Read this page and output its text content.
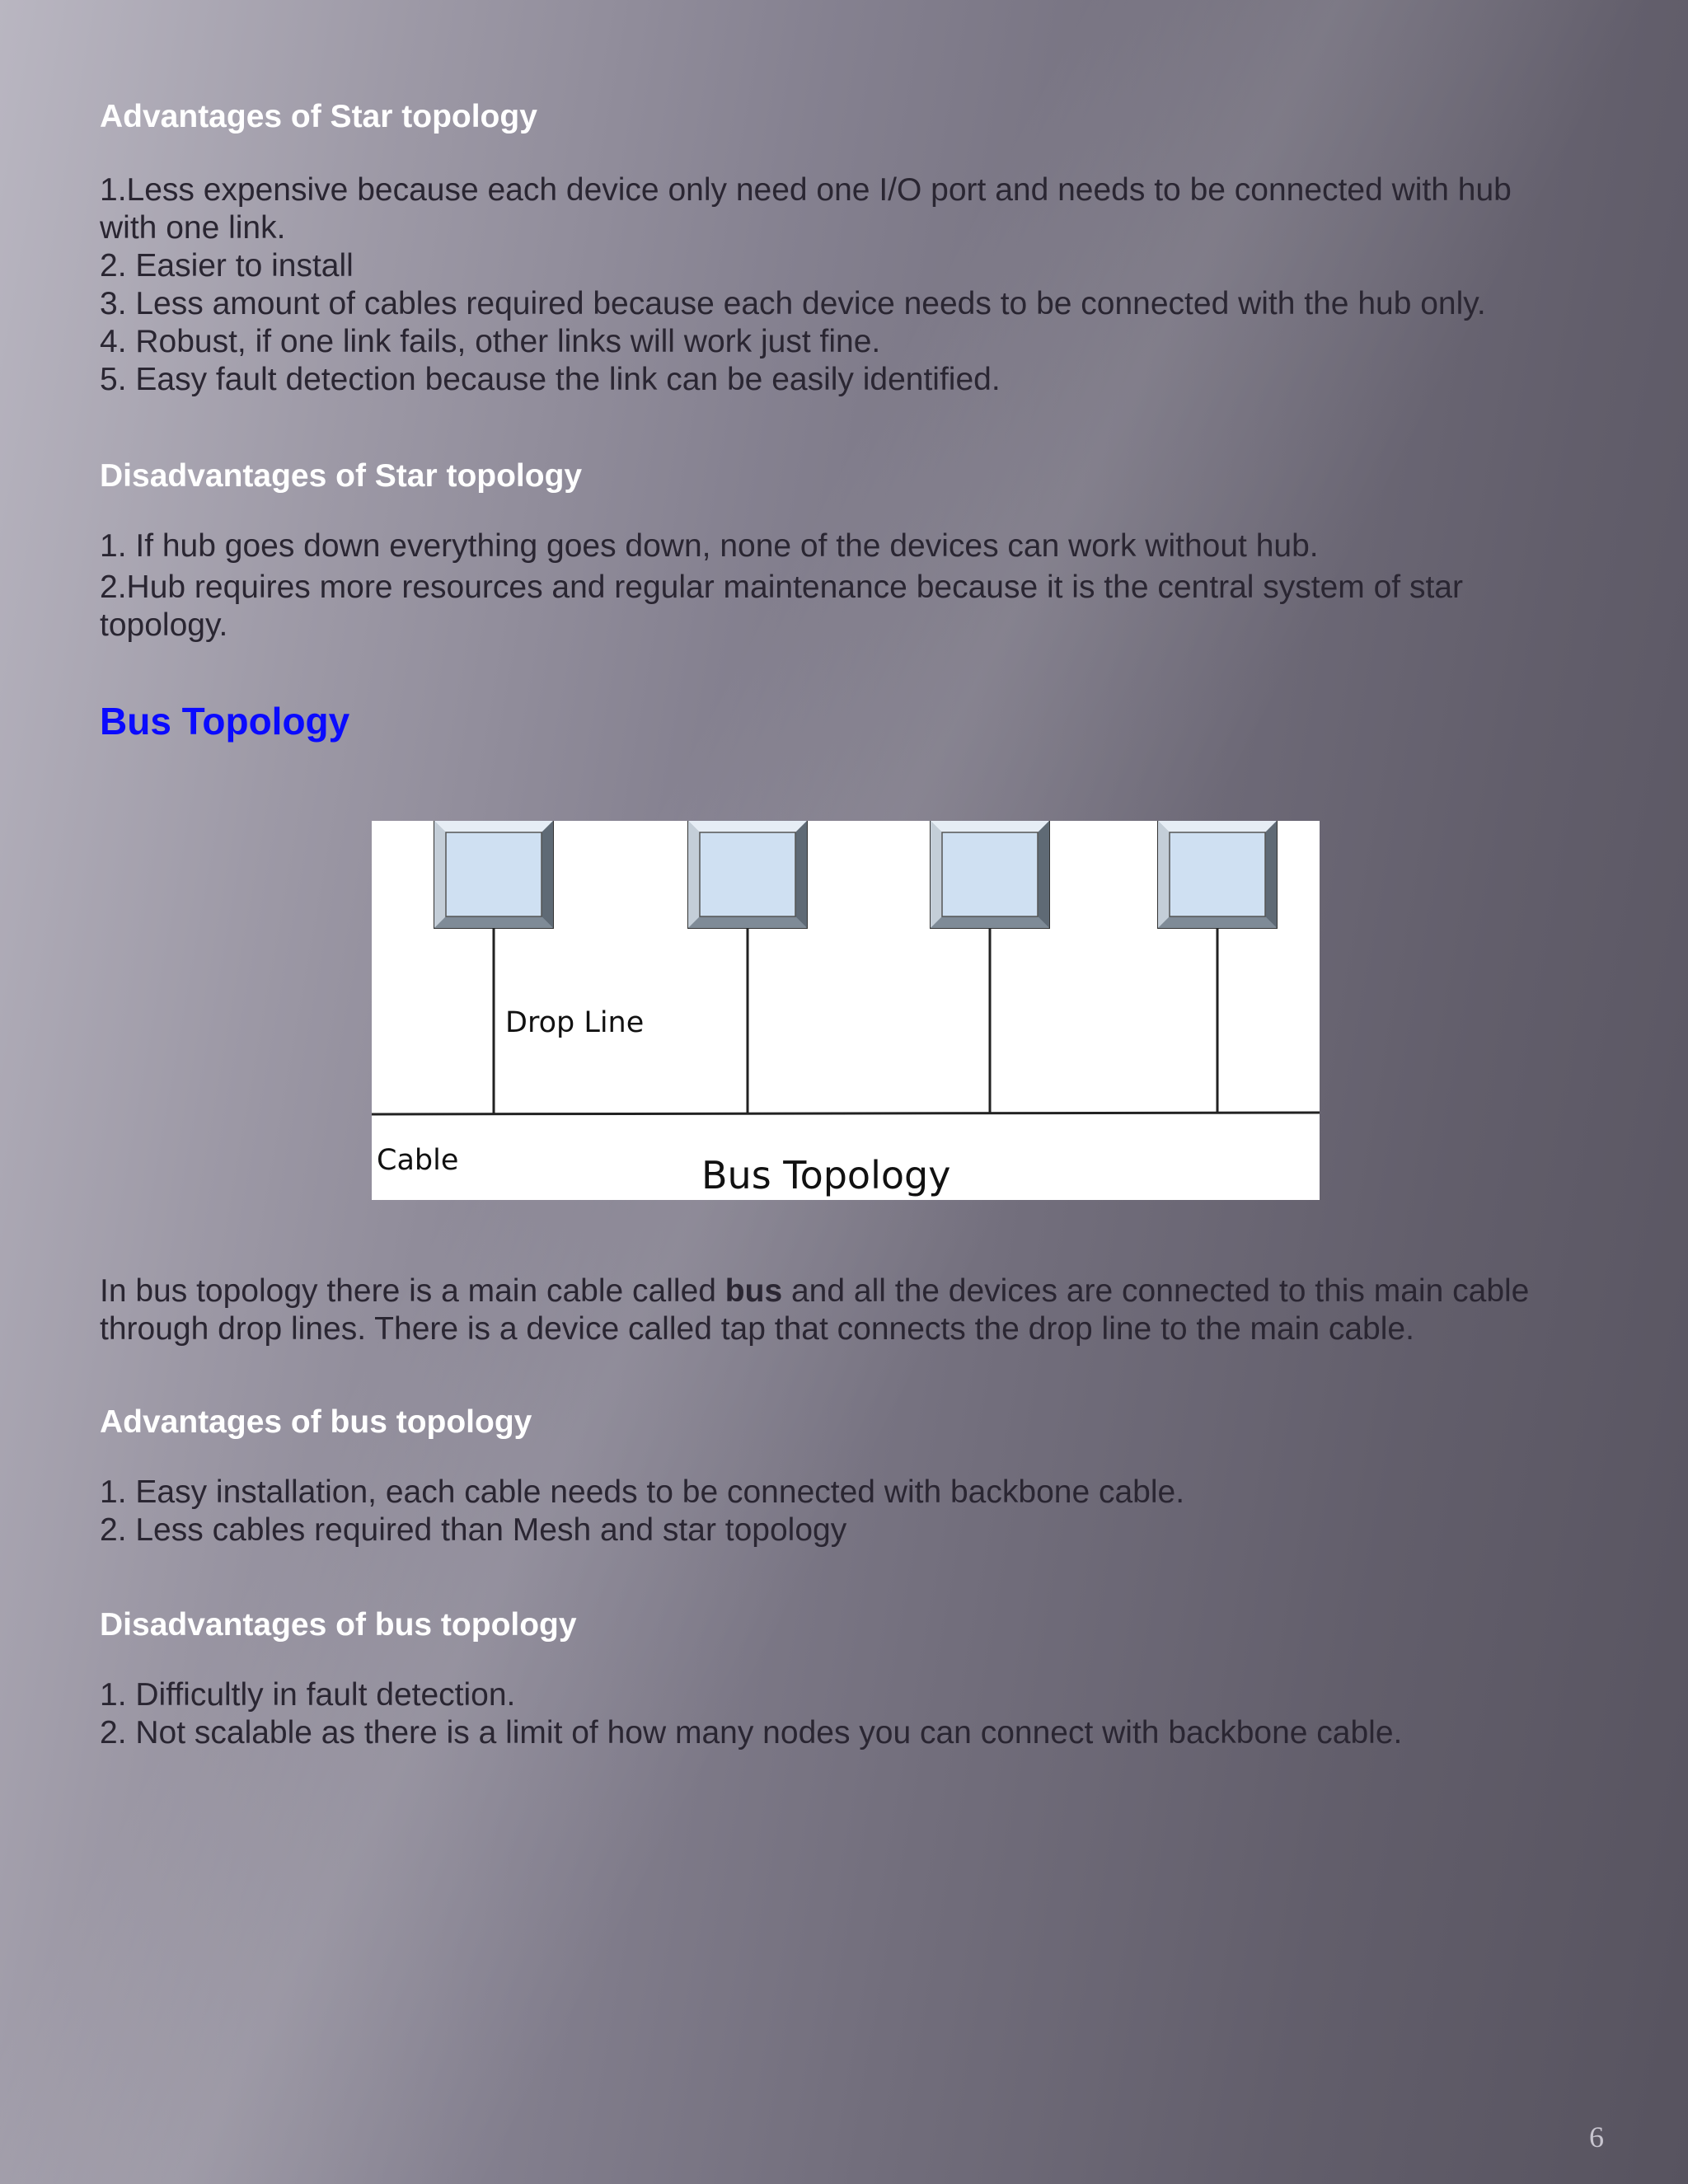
Advantages of Star topology
1.Less expensive because each device only need one I/O port and needs to be connected with hub with one link.
2. Easier to install
3. Less amount of cables required because each device needs to be connected with the hub only.
4. Robust, if one link fails, other links will work just fine.
5. Easy fault detection because the link can be easily identified.
Disadvantages of Star topology
1. If hub goes down everything goes down, none of the devices can work without hub.
2.Hub requires more resources and regular maintenance because it is the central system of star topology.
Bus Topology
In bus topology there is a main cable called bus and all the devices are connected to this main cable through drop lines. There is a device called tap that connects the drop line to the main cable.
Advantages of bus topology
1. Easy installation, each cable needs to be connected with backbone cable.
2. Less cables required than Mesh and star topology
Disadvantages of bus topology
1. Difficultly in fault detection.
2. Not scalable as there is a limit of how many nodes you can connect with backbone cable.
Drop Line
Cable	Bus Topology
6
